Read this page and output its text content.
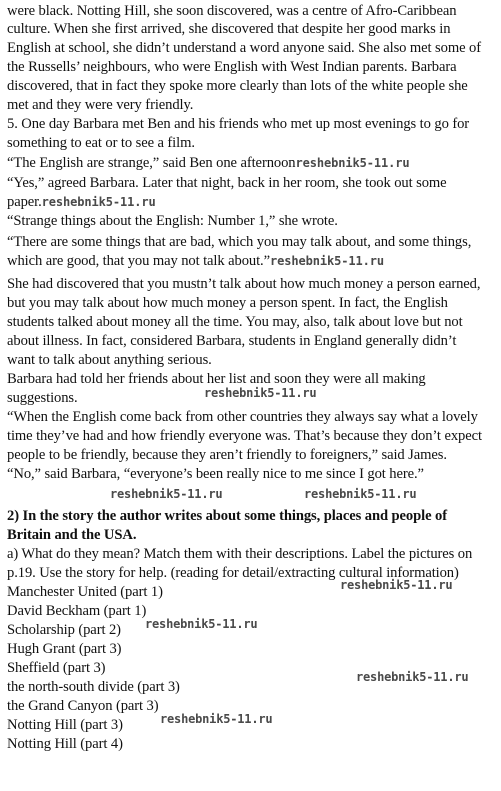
were black. Notting Hill, she soon discovered, was a centre of Afro-Caribbean
culture. When she first arrived, she discovered that despite her good marks in
English at school, she didn’t understand a word anyone said. She also met some of
the Russells’ neighbours, who were English with West Indian parents. Barbara
discovered, that in fact they spoke more clearly than lots of the white people she
met and they were very friendly.
5. One day Barbara met Ben and his friends who met up most evenings to go for
something to eat or to see a film.
“The English are strange,” said Ben one afternoonreshebnik5-11.ru
“Yes,” agreed Barbara. Later that night, back in her room, she took out some
paper.reshebnik5-11.ru
“Strange things about the English: Number 1,” she wrote.
“There are some things that are bad, which you may talk about, and some things,
which are good, that you may not talk about.”reshebnik5-11.ru
She had discovered that you mustn’t talk about how much money a person earned,
but you may talk about how much money a person spent. In fact, the English
students talked about money all the time. You may, also, talk about love but not
about illness. In fact, considered Barbara, students in England generally didn’t
want to talk about anything serious.
Barbara had told her friends about her list and soon they were all making
suggestions.	reshebnik5-11.ru
“When the English come back from other countries they always say what a lovely
time they’ve had and how friendly everyone was. That’s because they don’t expect
people to be friendly, because they aren’t friendly to foreigners,” said James.
“No,” said Barbara, “everyone’s been really nice to me since I got here.”
reshebnik5-11.ru	reshebnik5-11.ru
2) In the story the author writes about some things, places and people of
Britain and the USA.
a) What do they mean? Match them with their descriptions. Label the pictures on
p.19. Use the story for help. (reading for detail/extracting cultural information)
reshebnik5-11.ru
Manchester United (part 1)
David Beckham (part 1)
Scholarship (part 2) reshebnik5-11.ru
Hugh Grant (part 3)
Sheffield (part 3)
the north-south divide (part 3)
reshebnik5-11.ru
the Grand Canyon (part 3)
Notting Hill (part 3)	reshebnik5-11.ru
Notting Hill (part 4)
